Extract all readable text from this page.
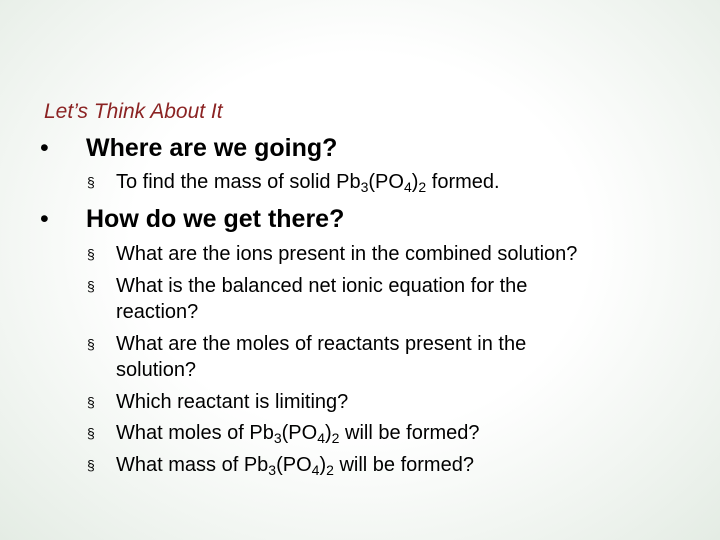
Let’s Think About It
• Where are we going?
§ To find the mass of solid $Pb_3(PO_4)_2$ formed.
• How do we get there?
§ What are the ions present in the combined solution?
§ What is the balanced net ionic equation for the reaction?
§ What are the moles of reactants present in the solution?
§ Which reactant is limiting?
§ What moles of $Pb_3(PO_4)_2$ will be formed?
§ What mass of $Pb_3(PO_4)_2$ will be formed?
